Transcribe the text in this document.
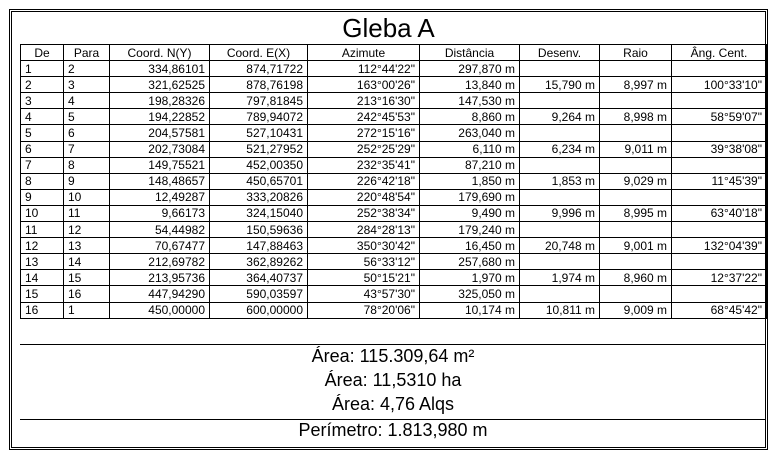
Gleba A
De	Para	Coord. N(Y)	Coord. E(X)	Azimute	Distância	Desenv.	Raio	Âng. Cent.
1	2	334,86101	874,71722	112°44'22"	297,870 m			
2	3	321,62525	878,76198	163°00'26"	13,840 m	15,790 m	8,997 m	100°33'10"
3	4	198,28326	797,81845	213°16'30"	147,530 m			
4	5	194,22852	789,94072	242°45'53"	8,860 m	9,264 m	8,998 m	58°59'07"
5	6	204,57581	527,10431	272°15'16"	263,040 m			
6	7	202,73084	521,27952	252°25'29"	6,110 m	6,234 m	9,011 m	39°38'08"
7	8	149,75521	452,00350	232°35'41"	87,210 m			
8	9	148,48657	450,65701	226°42'18"	1,850 m	1,853 m	9,029 m	11°45'39"
9	10	12,49287	333,20826	220°48'54"	179,690 m			
10	11	9,66173	324,15040	252°38'34"	9,490 m	9,996 m	8,995 m	63°40'18"
11	12	54,44982	150,59636	284°28'13"	179,240 m			
12	13	70,67477	147,88463	350°30'42"	16,450 m	20,748 m	9,001 m	132°04'39"
13	14	212,69782	362,89262	56°33'12"	257,680 m			
14	15	213,95736	364,40737	50°15'21"	1,970 m	1,974 m	8,960 m	12°37'22"
15	16	447,94290	590,03597	43°57'30"	325,050 m			
16	1	450,00000	600,00000	78°20'06"	10,174 m	10,811 m	9,009 m	68°45'42"
Área: 115.309,64 m²
Área: 11,5310 ha
Área: 4,76 Alqs
Perímetro: 1.813,980 m
